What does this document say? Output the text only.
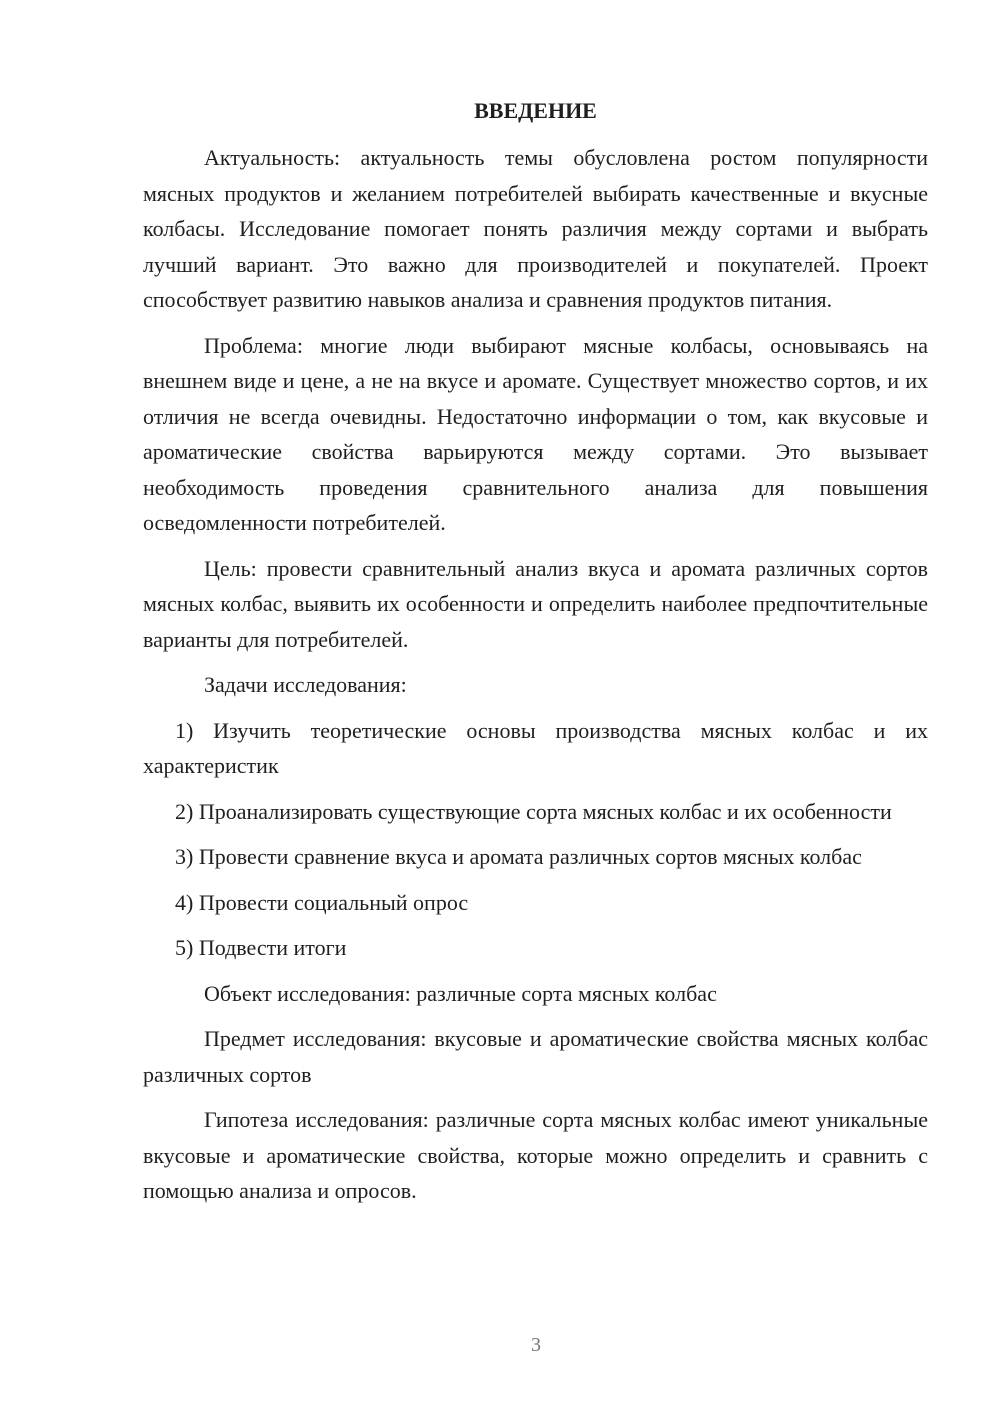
ВВЕДЕНИЕ

Актуальность: актуальность темы обусловлена ростом популярности мясных продуктов и желанием потребителей выбирать качественные и вкусные колбасы. Исследование помогает понять различия между сортами и выбрать лучший вариант. Это важно для производителей и покупателей. Проект способствует развитию навыков анализа и сравнения продуктов питания.

Проблема: многие люди выбирают мясные колбасы, основываясь на внешнем виде и цене, а не на вкусе и аромате. Существует множество сортов, и их отличия не всегда очевидны. Недостаточно информации о том, как вкусовые и ароматические свойства варьируются между сортами. Это вызывает необходимость проведения сравнительного анализа для повышения осведомленности потребителей.

Цель: провести сравнительный анализ вкуса и аромата различных сортов мясных колбас, выявить их особенности и определить наиболее предпочтительные варианты для потребителей.

Задачи исследования:

1) Изучить теоретические основы производства мясных колбас и их характеристик

2) Проанализировать существующие сорта мясных колбас и их особенности

3) Провести сравнение вкуса и аромата различных сортов мясных колбас

4) Провести социальный опрос

5) Подвести итоги

Объект исследования: различные сорта мясных колбас

Предмет исследования: вкусовые и ароматические свойства мясных колбас различных сортов

Гипотеза исследования: различные сорта мясных колбас имеют уникальные вкусовые и ароматические свойства, которые можно определить и сравнить с помощью анализа и опросов.

3
